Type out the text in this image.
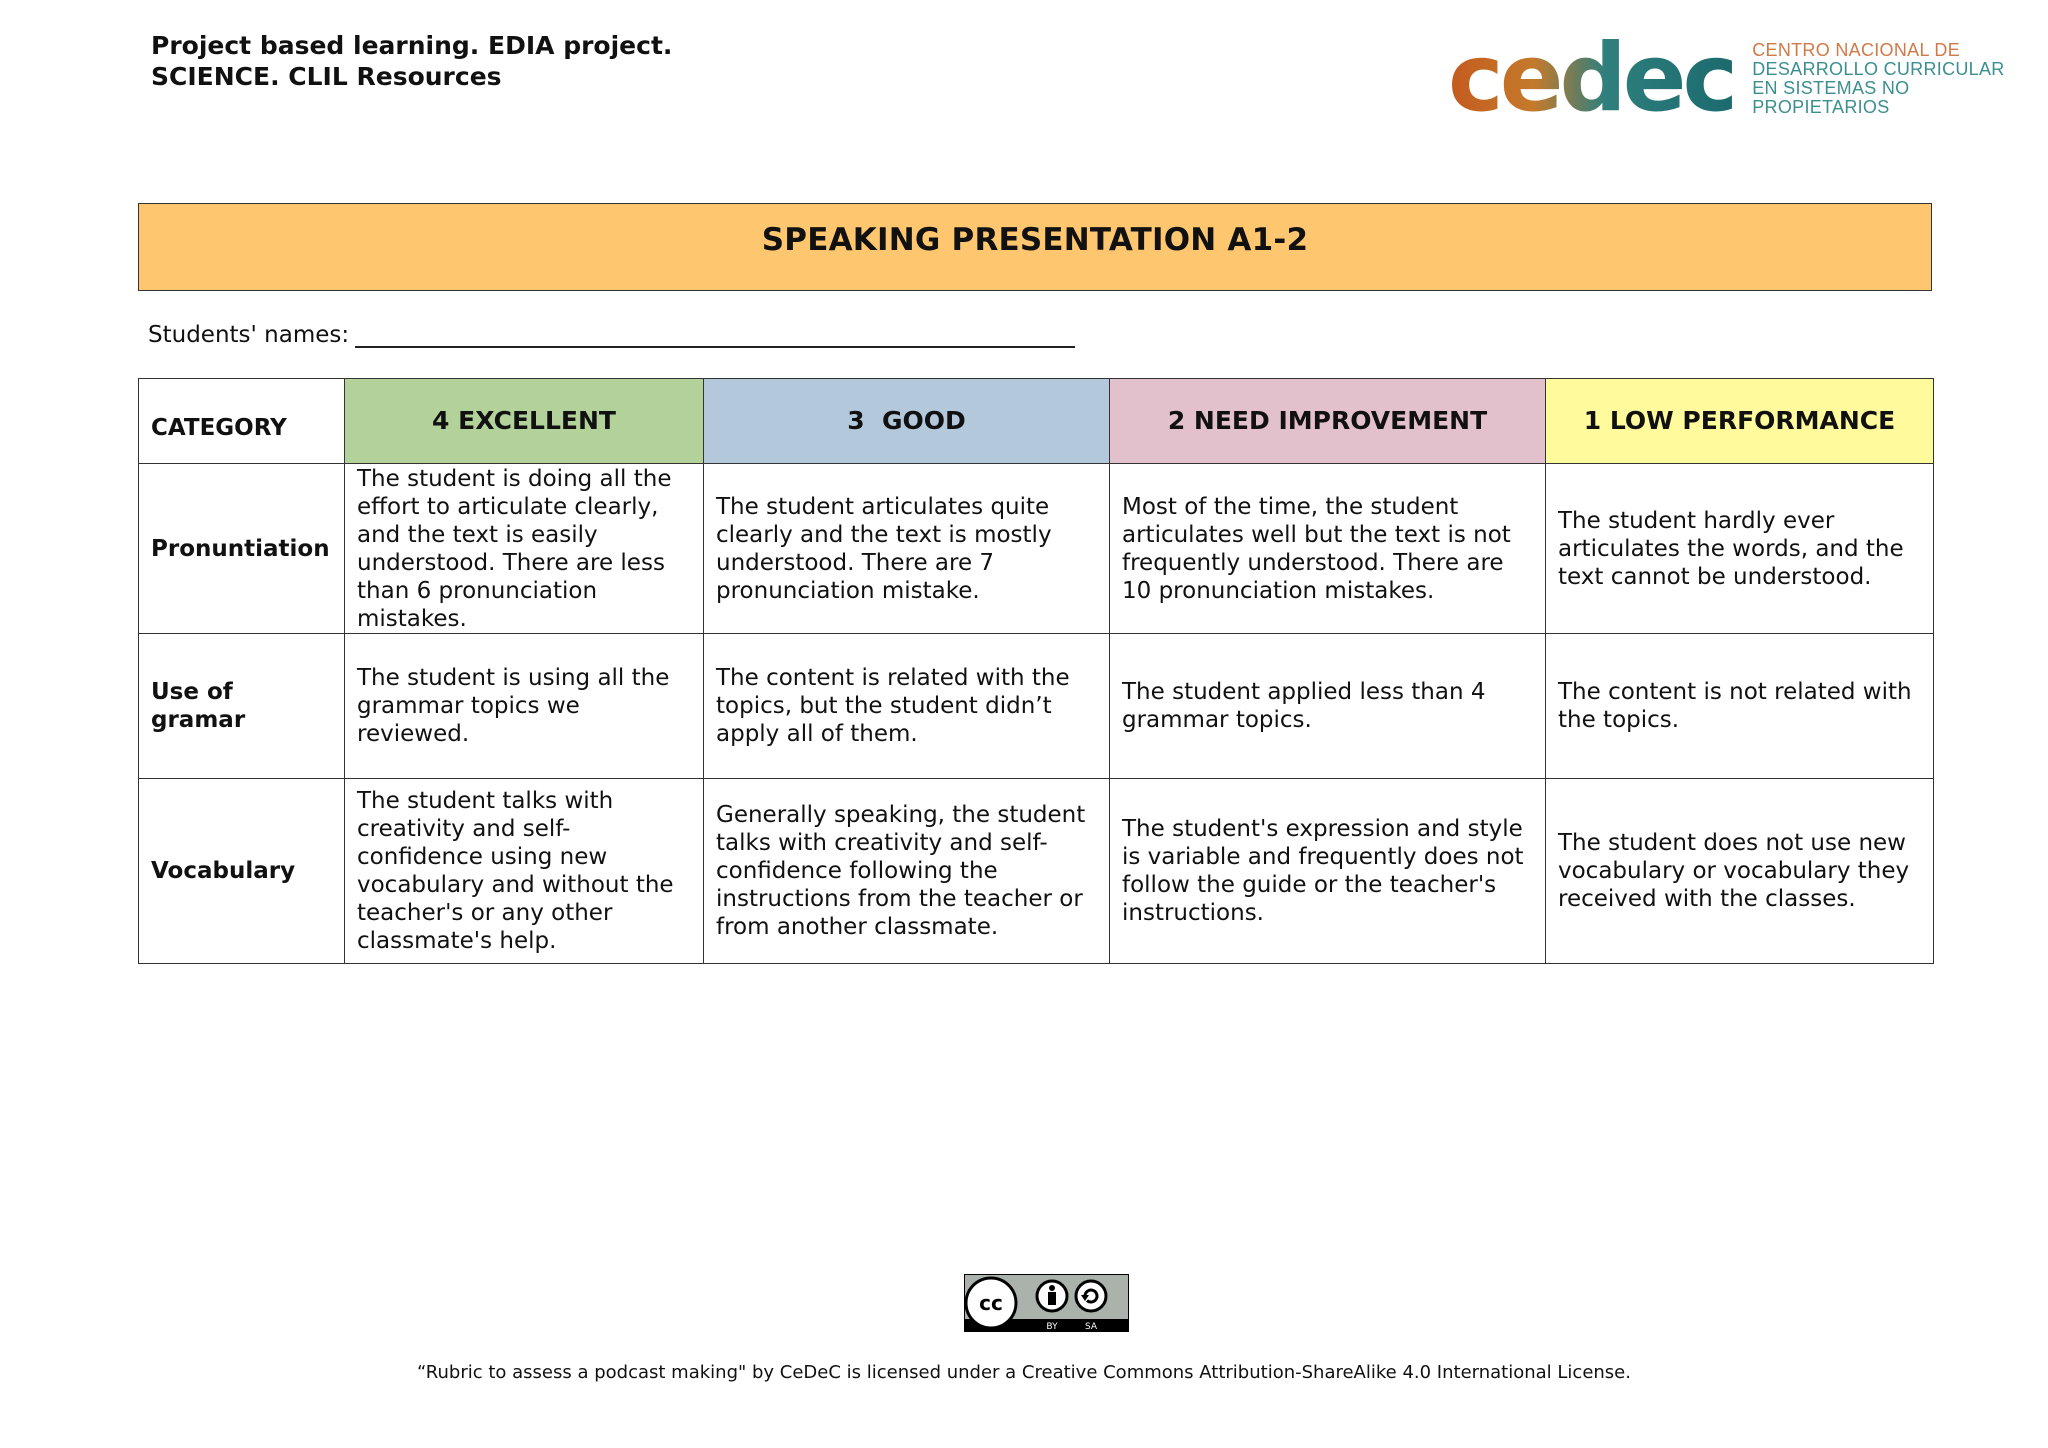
Project based learning. EDIA project.
SCIENCE. CLIL Resources	cedec CENTRO NACIONAL DE
DESARROLLO CURRICULAR
EN SISTEMAS NO PROPIETARIOS
SPEAKING PRESENTATION A1-2
Students' names:
CATEGORY	4 EXCELLENT	3  GOOD	2 NEED IMPROVEMENT	1 LOW PERFORMANCE
Pronuntiation	The student is doing all the effort to articulate clearly, and the text is easily understood. There are less than 6 pronunciation mistakes.	The student articulates quite clearly and the text is mostly understood. There are 7 pronunciation mistake.	Most of the time, the student articulates well but the text is not frequently understood. There are 10 pronunciation mistakes.	The student hardly ever articulates the words, and the text cannot be understood.
Use of gramar	The student is using all the grammar topics we reviewed.	The content is related with the topics, but the student didn’t apply all of them.	The student applied less than 4 grammar topics.	The content is not related with the topics.
Vocabulary	The student talks with creativity and self-confidence using new vocabulary and without the teacher's or any other classmate's help.	Generally speaking, the student talks with creativity and self-confidence following the instructions from the teacher or from another classmate.	The student's expression and style is variable and frequently does not follow the guide or the teacher's instructions.	The student does not use new vocabulary or vocabulary they received with the classes.
cc
BY	SA
“Rubric to assess a podcast making" by CeDeC is licensed under a Creative Commons Attribution-ShareAlike 4.0 International License.
